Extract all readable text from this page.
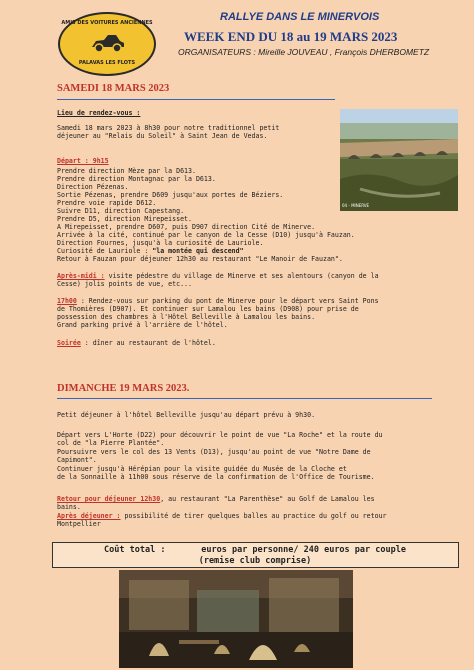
AMIS DES VOITURES ANCIENNES
PALAVAS LES FLOTS
RALLYE DANS LE MINERVOIS
WEEK END DU 18 au 19 MARS 2023
ORGANISATEURS : Mireille JOUVEAU , François DHERBOMETZ
SAMEDI 18 MARS 2023
Lieu de rendez-vous :
Samedi 18 mars 2023 à 8h30 pour notre traditionnel petit
déjeuner au "Relais du Soleil" à Saint Jean de Vedas.
04 - MINERVE
Départ : 9h15
Prendre direction Mèze par la D613.
Prendre direction Montagnac par la D613.
Direction Pézenas.
Sortie Pézenas, prendre D609 jusqu'aux portes de Béziers.
Prendre voie rapide D612.
Suivre D11, direction Capestang.
Prendre D5, direction Mirepeisset.
A Mirepeisset, prendre D607, puis D907 direction Cité de Minerve.
Arrivée à la cité, continué par le canyon de la Cesse (D10) jusqu'à Fauzan.
Direction Fournes, jusqu'à la curiosité de Lauriole.
Curiosité de Lauriole : "la montée qui descend"
Retour à Fauzan pour déjeuner 12h30 au restaurant "Le Manoir de Fauzan".
Après-midi : visite pédestre du village de Minerve et ses alentours (canyon de la
Cesse) jolis points de vue, etc...
17h00 : Rendez-vous sur parking du pont de Minerve pour le départ vers Saint Pons
de Thomières (D907). Et continuer sur Lamalou les bains (D908) pour prise de
possession des chambres à l'Hôtel Belleville à Lamalou les bains.
Grand parking privé à l'arrière de l'hôtel.
Soirée : dîner au restaurant de l'hôtel.
DIMANCHE 19 MARS 2023.
Petit déjeuner à l'hôtel Belleville jusqu'au départ prévu à 9h30.
Départ vers L'Horte (D22) pour découvrir le point de vue "La Roche" et la route du
col de "la Pierre Plantée".
Poursuivre vers le col des 13 Vents (D13), jusqu'au point de vue "Notre Dame de
Capimont".
Continuer jusqu'à Hérépian pour la visite guidée du Musée de la Cloche et
de la Sonnaille à 11h00 sous réserve de la confirmation de l'Office de Tourisme.
Retour pour déjeuner 12h30, au restaurant "La Parenthèse" au Golf de Lamalou les
bains.
Après déjeuner : possibilité de tirer quelques balles au practice du golf ou retour
Montpellier
Coût total :       euros par personne/ 240 euros par couple
(remise club comprise)
